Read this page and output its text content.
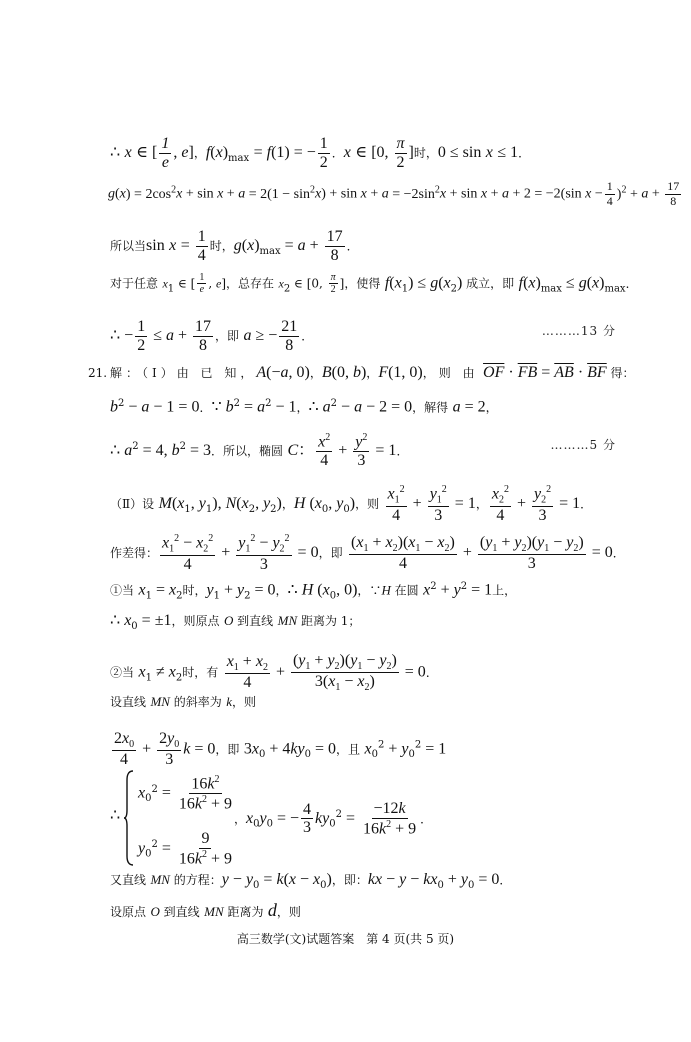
∴ x ∈ [ $\frac{1}{e}$ , e]，$f(x)_{max} = f(1)$ = − $\frac{1}{2}$ ．x ∈ [0, $\frac{\pi}{2}$ ]时，0 ≤ sin x ≤ 1．
$g(x) = 2\cos^2x + \sin x + a = 2(1 - \sin^2x) + \sin x + a = -2\sin^2x + \sin x + a + 2 = -2(\sin$ $x - \frac{1}{4} )^2 + a + \frac{17}{8}$
所以当$\sin x = \frac{1}{4}$ 时，$g(x)_{max} = a + \frac{17}{8}$ ．
对于任意 $x_1$ ∈ [ $\frac{1}{e}$ , e]，总存在 $x_2$ ∈ [0, $\frac{\pi}{2}$ ]，使得 $f(x_1) \le g(x_2)$ 成立，即 $f(x)_{max} \le g(x)_{max}$．
∴ − $\frac{1}{2} \le a + \frac{17}{8}$ ，即 a ≥ − $\frac{21}{8}$ ．	………13 分
21. 解：（Ⅰ）由 已 知，A(−a, 0)，B(0, b)，F(1, 0)，则 由 $\overline{OF} \cdot \overline{FB} = \overline{AB} \cdot \overline{BF}$ 得：
$b^2 - a - 1 = 0$．∵ $b^2 = a^2 - 1$，∴ $a^2 - a - 2 = 0$，解得 a = 2，
∴ $a^2 = 4$, $b^2 = 3$．所以，椭圆 C： $\frac{x^2}{4} + \frac{y^2}{3} = 1$．	………5 分
（Ⅱ）设 $M(x_1$, $y_1$), $N(x_2$, $y_2$)，H ($x_0$, $y_0$)，则 $\frac{x_1^2}{4} + \frac{y_1^2}{3} = 1$， $\frac{x_2^2}{4} + \frac{y_2^2}{3} = 1$．
作差得： $\frac{x_1^2 - x_2^2}{4} + \frac{y_1^2 - y_2^2}{3} = 0$，即 $\frac{(x_1 + x_2)(x_1 - x_2)}{4} + \frac{(y_1 + y_2)(y_1 - y_2)}{3} = 0$．
①当 $x_1 = x_2$时，$y_1 + y_2 = 0$，∴ H ($x_0$, 0)，∵H 在圆 $x^2 + y^2 = 1$上，
∴ $x_0 = \pm 1$，则原点 O 到直线 MN 距离为 1；
②当 $x_1 \ne x_2$时，有 $\frac{x_1 + x_2}{4} + \frac{(y_1 + y_2)(y_1 - y_2)}{3(x_1 - x_2)} = 0$．
设直线 MN 的斜率为 k，则
$\frac{2x_0}{4} + \frac{2y_0}{3}$ k = 0，即 $3x_0 + 4ky_0 = 0$，且 $x_0^2 + y_0^2 = 1$
∴
$x_0^2 = \frac{16k^2}{16k^2 + 9}$
，$x_0y_0$ = − $\frac{4}{3} ky_0^2 = \frac{-12k}{16k^2 + 9}$ ．
$y_0^2 = \frac{9}{16k^2 + 9}$
又直线 MN 的方程：$y - y_0 = k(x - x_0)$，即：kx − $y - kx_0 + y_0 = 0$．
设原点 O 到直线 MN 距离为 d，则
高三数学(文)试题答案　第 4 页(共 5 页)
